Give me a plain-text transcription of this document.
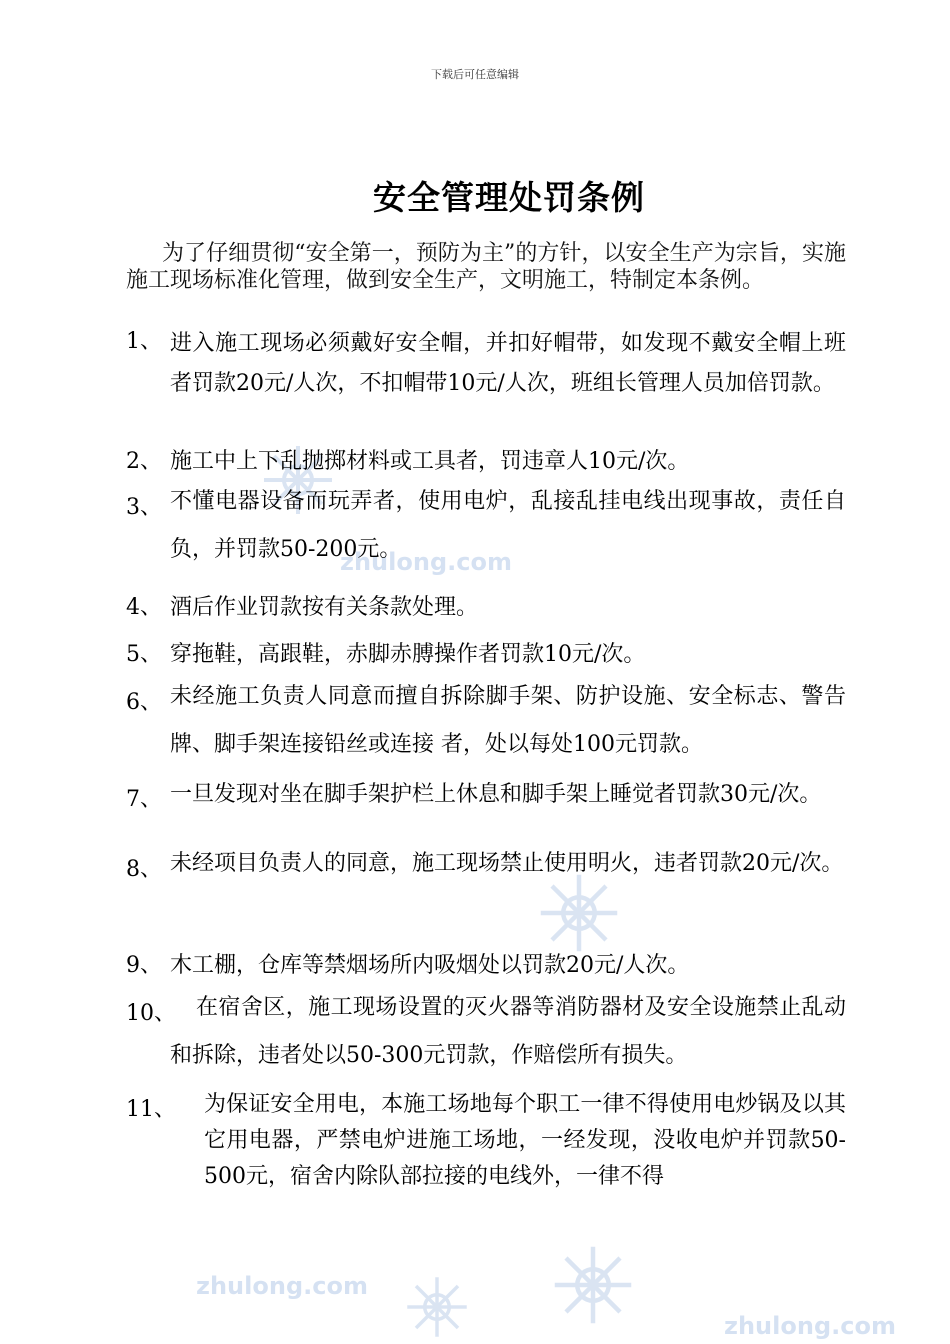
zhulong.com
zhulong.com
zhulong.com
下载后可任意编辑
安全管理处罚条例

为了仔细贯彻“安全第一，预防为主”的方针，以安全生产为宗旨，实施施工现场标准化管理，做到安全生产，文明施工，特制定本条例。

1、 进入施工现场必须戴好安全帽，并扣好帽带，如发现不戴安全帽上班者罚款20元/人次，不扣帽带10元/人次，班组长管理人员加倍罚款。
2、 施工中上下乱抛掷材料或工具者，罚违章人10元/次。
3、 不懂电器设备而玩弄者，使用电炉，乱接乱挂电线出现事故，责任自负，并罚款50-200元。
4、 酒后作业罚款按有关条款处理。
5、 穿拖鞋，高跟鞋，赤脚赤膊操作者罚款10元/次。
6、 未经施工负责人同意而擅自拆除脚手架、防护设施、安全标志、警告牌、脚手架连接铅丝或连接 者，处以每处100元罚款。
7、 一旦发现对坐在脚手架护栏上休息和脚手架上睡觉者罚款30元/次。
8、 未经项目负责人的同意，施工现场禁止使用明火，违者罚款20元/次。
9、 木工棚，仓库等禁烟场所内吸烟处以罚款20元/人次。
10、 在宿舍区，施工现场设置的灭火器等消防器材及安全设施禁止乱动和拆除，违者处以50-300元罚款，作赔偿所有损失。
11、 为保证安全用电，本施工场地每个职工一律不得使用电炒锅及以其它用电器，严禁电炉进施工场地，一经发现，没收电炉并罚款50-500元，宿舍内除队部拉接的电线外，一律不得
